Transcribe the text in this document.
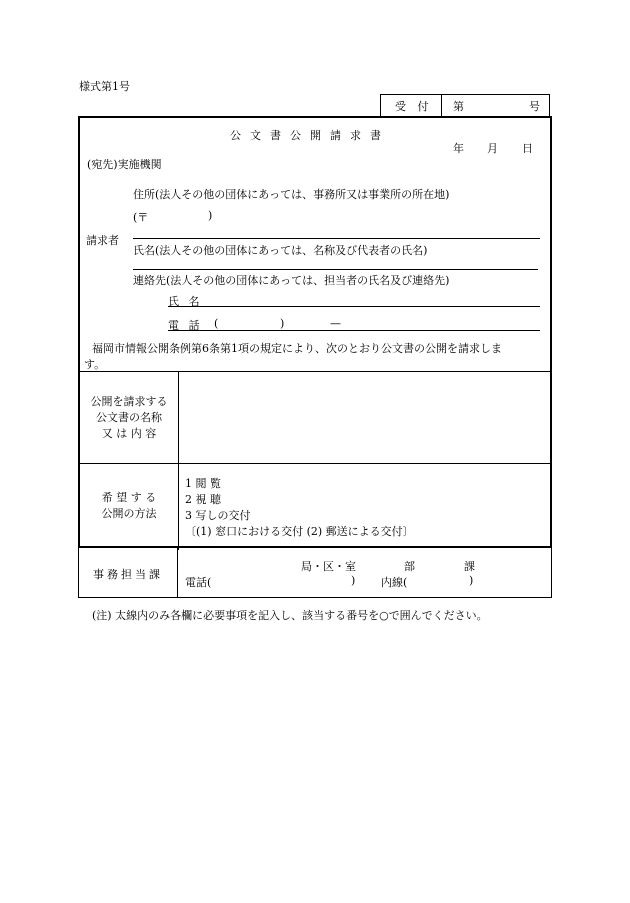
様式第1号
受 付 第	号
公文書公開請求書
年 月 日
(宛先)実施機関
住所(法人その他の団体にあっては、事務所又は事業所の所在地)
(〒	)
請求者
氏名(法人その他の団体にあっては、名称及び代表者の氏名)
連絡先(法人その他の団体にあっては、担当者の氏名及び連絡先)
氏 名
電 話 (	)	—
福岡市情報公開条例第6条第1項の規定により、次のとおり公文書の公開を請求しま
す。
公開を請求する
公文書の名称
又 は 内 容
希 望 す る
公開の方法
1 閲 覧
2 視 聴
3 写しの交付
〔(1) 窓口における交付 (2) 郵送による交付〕
事務担当課
局・区・室	部	課
電話(	) 内線(	)
(注) 太線内のみ各欄に必要事項を記入し、該当する番号を○で囲んでください。
